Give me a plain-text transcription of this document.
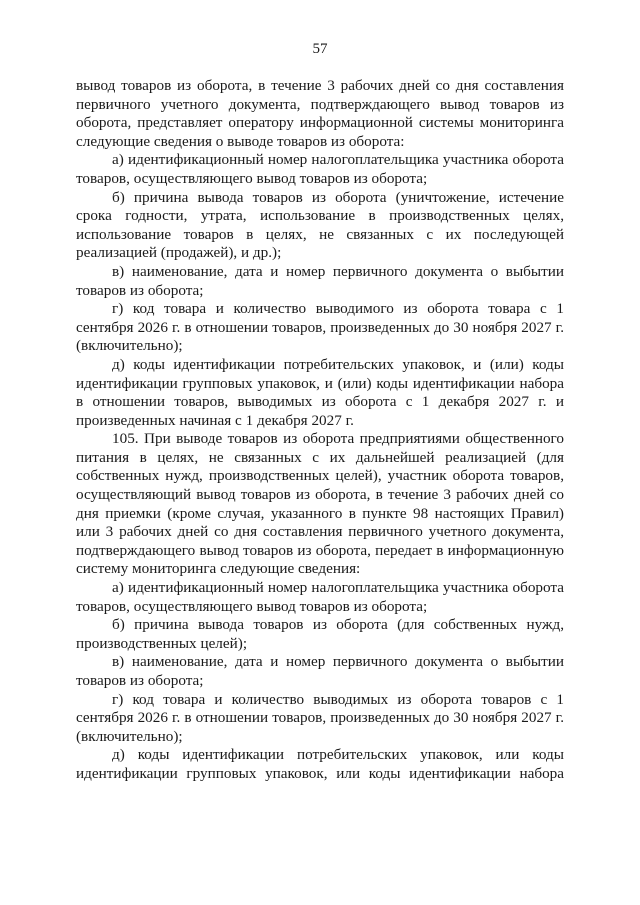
57

вывод товаров из оборота, в течение 3 рабочих дней со дня составления первичного учетного документа, подтверждающего вывод товаров из оборота, представляет оператору информационной системы мониторинга следующие сведения о выводе товаров из оборота:

а) идентификационный номер налогоплательщика участника оборота товаров, осуществляющего вывод товаров из оборота;

б) причина вывода товаров из оборота (уничтожение, истечение срока годности, утрата, использование в производственных целях, использование товаров в целях, не связанных с их последующей реализацией (продажей), и др.);

в) наименование, дата и номер первичного документа о выбытии товаров из оборота;

г) код товара и количество выводимого из оборота товара с 1 сентября 2026 г. в отношении товаров, произведенных до 30 ноября 2027 г. (включительно);

д) коды идентификации потребительских упаковок, и (или) коды идентификации групповых упаковок, и (или) коды идентификации набора в отношении товаров, выводимых из оборота с 1 декабря 2027 г. и произведенных начиная с 1 декабря 2027 г.

105. При выводе товаров из оборота предприятиями общественного питания в целях, не связанных с их дальнейшей реализацией (для собственных нужд, производственных целей), участник оборота товаров, осуществляющий вывод товаров из оборота, в течение 3 рабочих дней со дня приемки (кроме случая, указанного в пункте 98 настоящих Правил) или 3 рабочих дней со дня составления первичного учетного документа, подтверждающего вывод товаров из оборота, передает в информационную систему мониторинга следующие сведения:

а) идентификационный номер налогоплательщика участника оборота товаров, осуществляющего вывод товаров из оборота;

б) причина вывода товаров из оборота (для собственных нужд, производственных целей);

в) наименование, дата и номер первичного документа о выбытии товаров из оборота;

г) код товара и количество выводимых из оборота товаров с 1 сентября 2026 г. в отношении товаров, произведенных до 30 ноября 2027 г. (включительно);

д) коды идентификации потребительских упаковок, или коды идентификации групповых упаковок, или коды идентификации набора
